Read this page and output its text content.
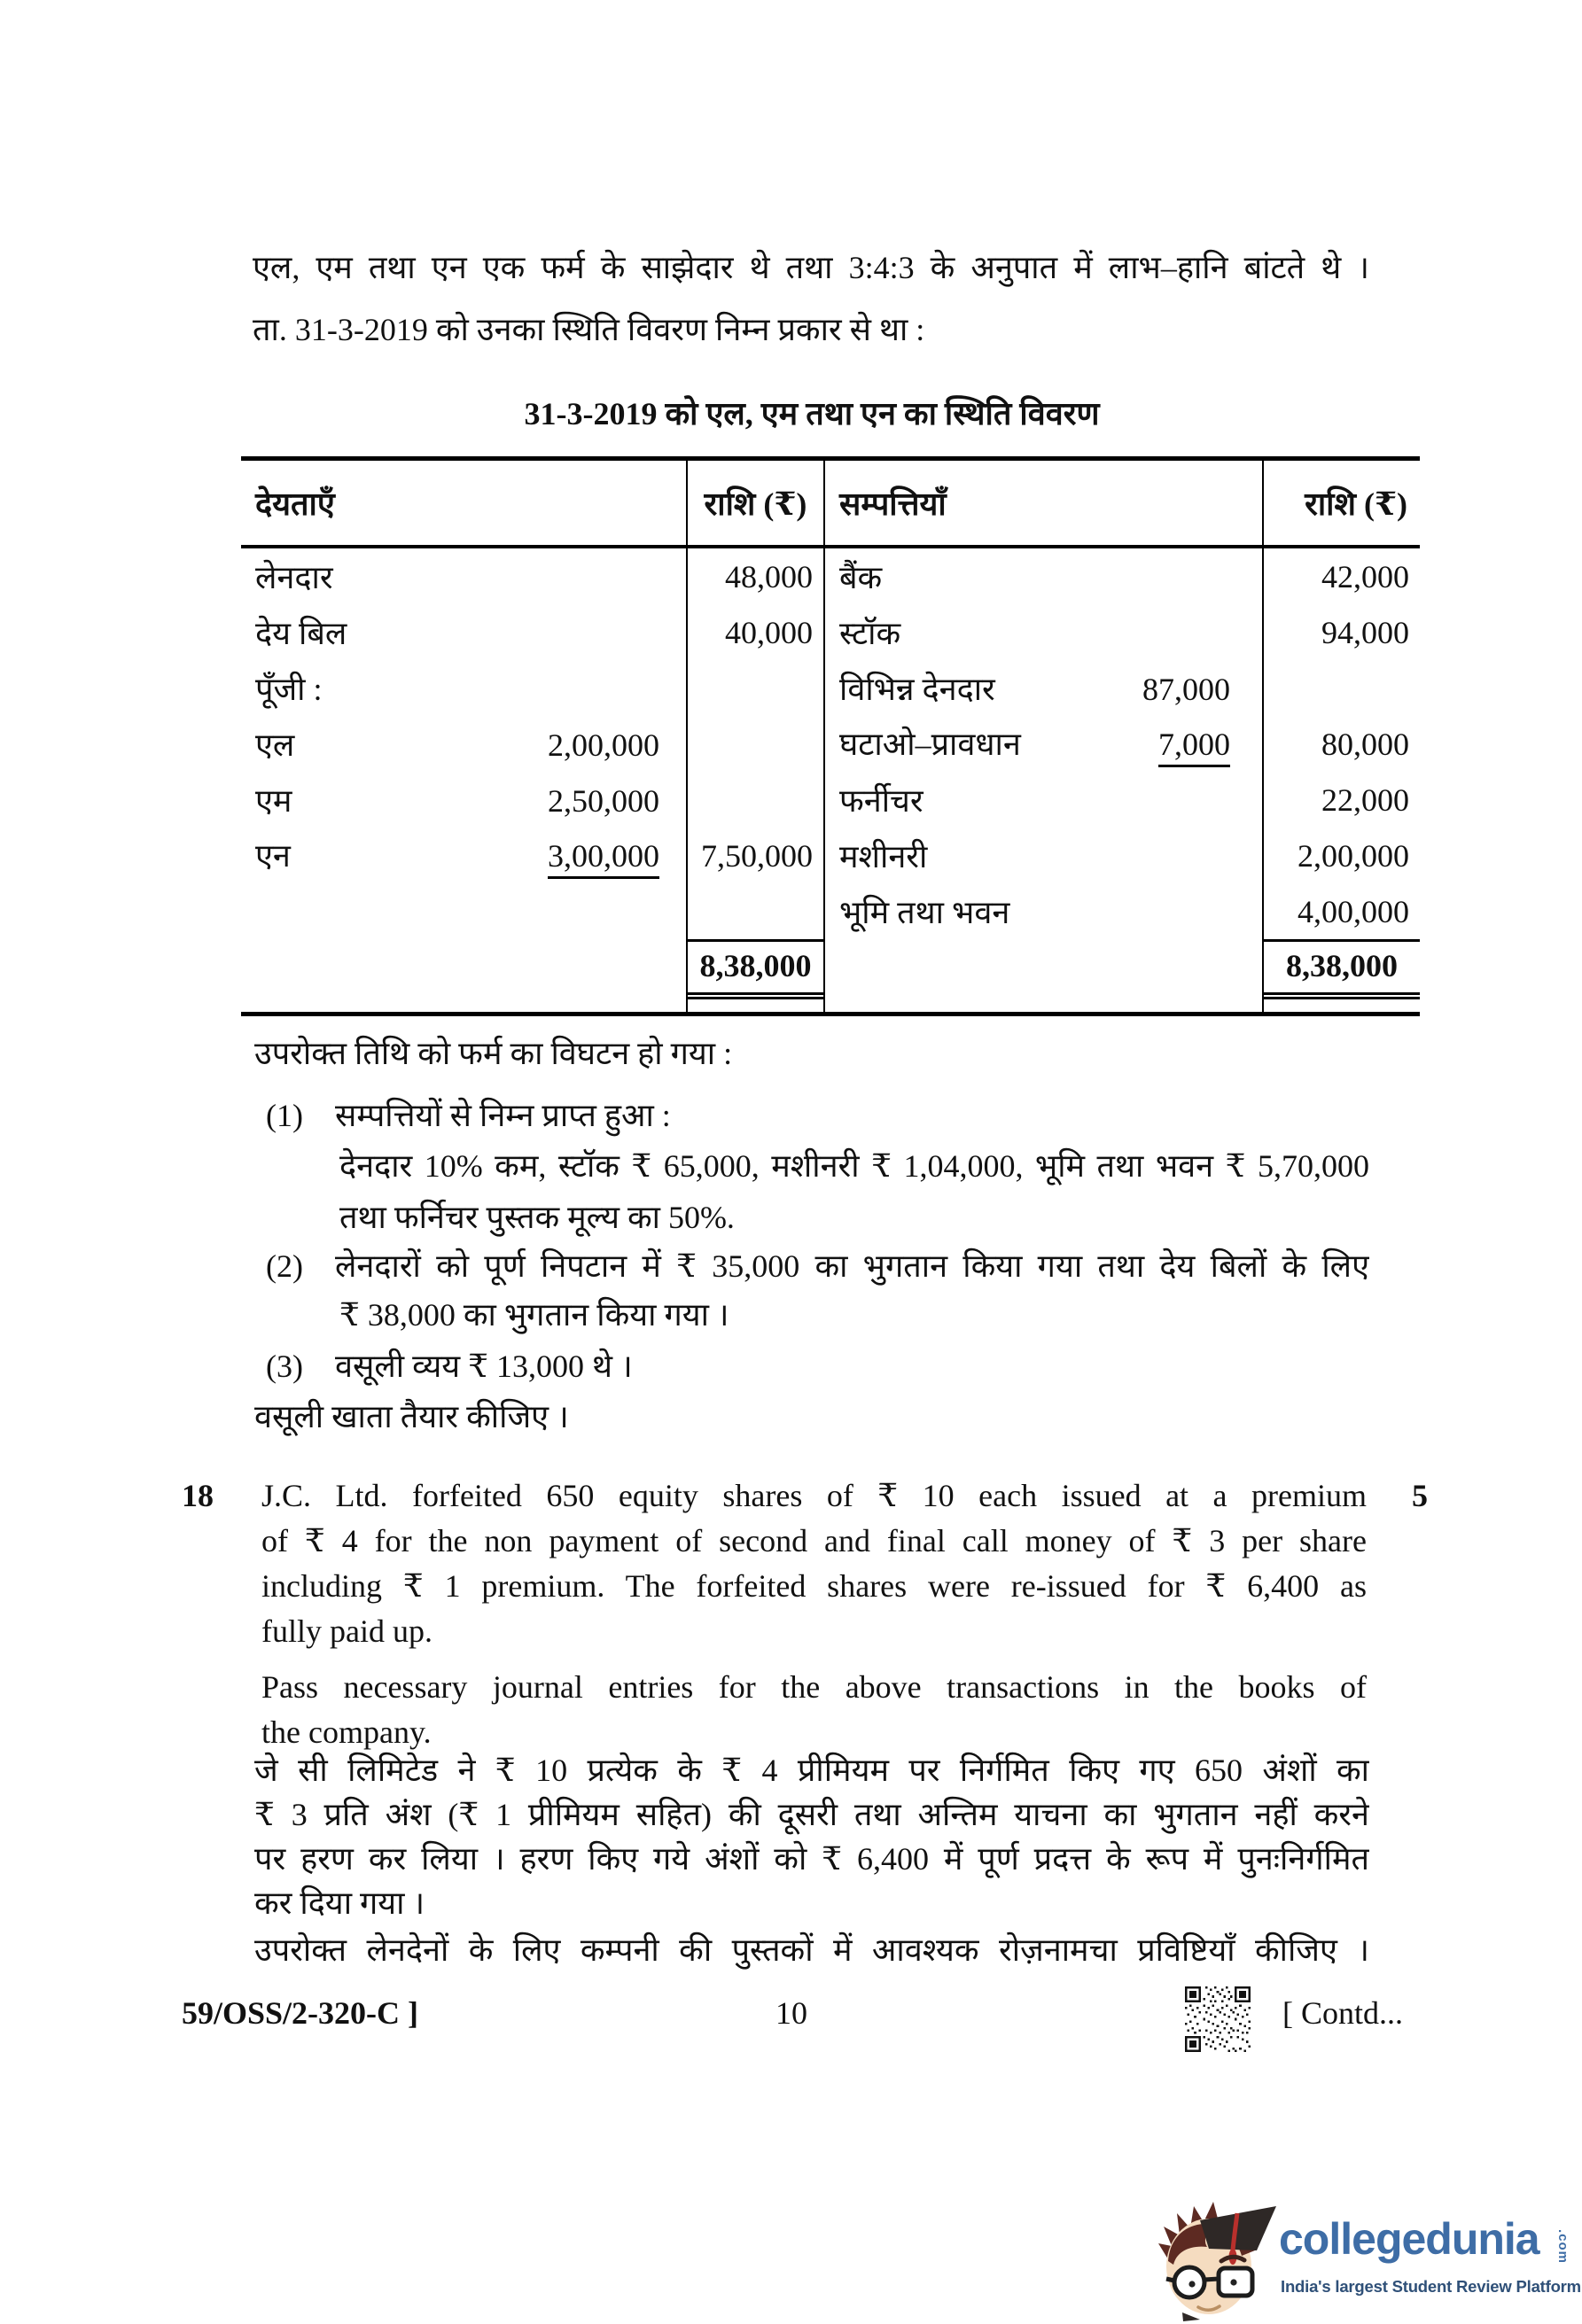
एल, एम तथा एन एक फर्म के साझेदार थे तथा 3:4:3 के अनुपात में लाभ–हानि बांटते थे ।
ता. 31-3-2019 को उनका स्थिति विवरण निम्न प्रकार से था :
31-3-2019 को एल, एम तथा एन का स्थिति विवरण
देयताएँ	राशि (₹)	सम्पत्तियाँ	राशि (₹)

लेनदार	48,000	बैंक	42,000

देय बिल	40,000	स्टॉक	94,000

पूँजी :		विभिन्न देनदार 87,000	

एल 2,00,000		घटाओ–प्रावधान 7,000	80,000

एम 2,50,000		फर्नीचर	22,000

एन 3,00,000	7,50,000	मशीनरी	2,00,000

		भूमि तथा भवन	4,00,000

	8,38,000		8,38,000
उपरोक्त तिथि को फर्म का विघटन हो गया :
(1) सम्पत्तियों से निम्न प्राप्त हुआ :
देनदार 10% कम, स्टॉक ₹ 65,000, मशीनरी ₹ 1,04,000, भूमि तथा भवन ₹ 5,70,000
तथा फर्निचर पुस्तक मूल्य का 50%.
(2) लेनदारों को पूर्ण निपटान में ₹ 35,000 का भुगतान किया गया तथा देय बिलों के लिए
₹ 38,000 का भुगतान किया गया ।
(3) वसूली व्यय ₹ 13,000 थे ।
वसूली खाता तैयार कीजिए ।
18	5
J.C. Ltd. forfeited 650 equity shares of ₹ 10 each issued at a premium
of ₹ 4 for the non payment of second and final call money of ₹ 3 per share
including ₹ 1 premium. The forfeited shares were re-issued for ₹ 6,400 as
fully paid up.
Pass necessary journal entries for the above transactions in the books of
the company.
जे सी लिमिटेड ने ₹ 10 प्रत्येक के ₹ 4 प्रीमियम पर निर्गमित किए गए 650 अंशों का
₹ 3 प्रति अंश (₹ 1 प्रीमियम सहित) की दूसरी तथा अन्तिम याचना का भुगतान नहीं करने
पर हरण कर लिया । हरण किए गये अंशों को ₹ 6,400 में पूर्ण प्रदत्त के रूप में पुनःनिर्गमित
कर दिया गया ।
उपरोक्त लेनदेनों के लिए कम्पनी की पुस्तकों में आवश्यक रोज़नामचा प्रविष्टियाँ कीजिए ।
59/OSS/2-320-C ]	10	[ Contd...
collegedunia .com
India's largest Student Review Platform
